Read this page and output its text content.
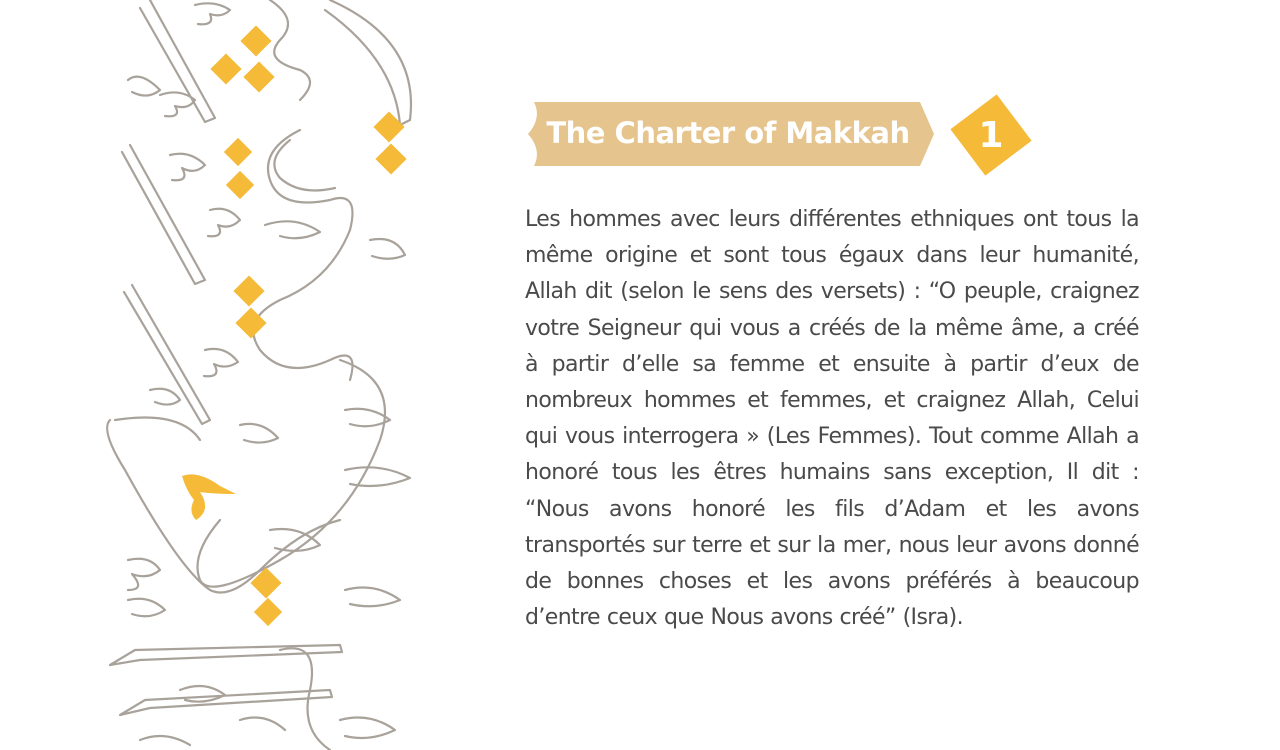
The Charter of Makkah	1

Les hommes avec leurs différentes ethniques ont tous la même origine et sont tous égaux dans leur humanité, Allah dit (selon le sens des versets) : “O peuple, craignez votre Seigneur qui vous a créés de la même âme, a créé à partir d’elle sa femme et ensuite à partir d’eux de nombreux hommes et femmes, et craignez Allah, Celui qui vous interrogera » (Les Femmes). Tout comme Allah a honoré tous les êtres humains sans exception, Il dit : “Nous avons honoré les fils d’Adam et les avons transportés sur terre et sur la mer, nous leur avons donné de bonnes choses et les avons préférés à beaucoup d’entre ceux que Nous avons créé” (Isra).
